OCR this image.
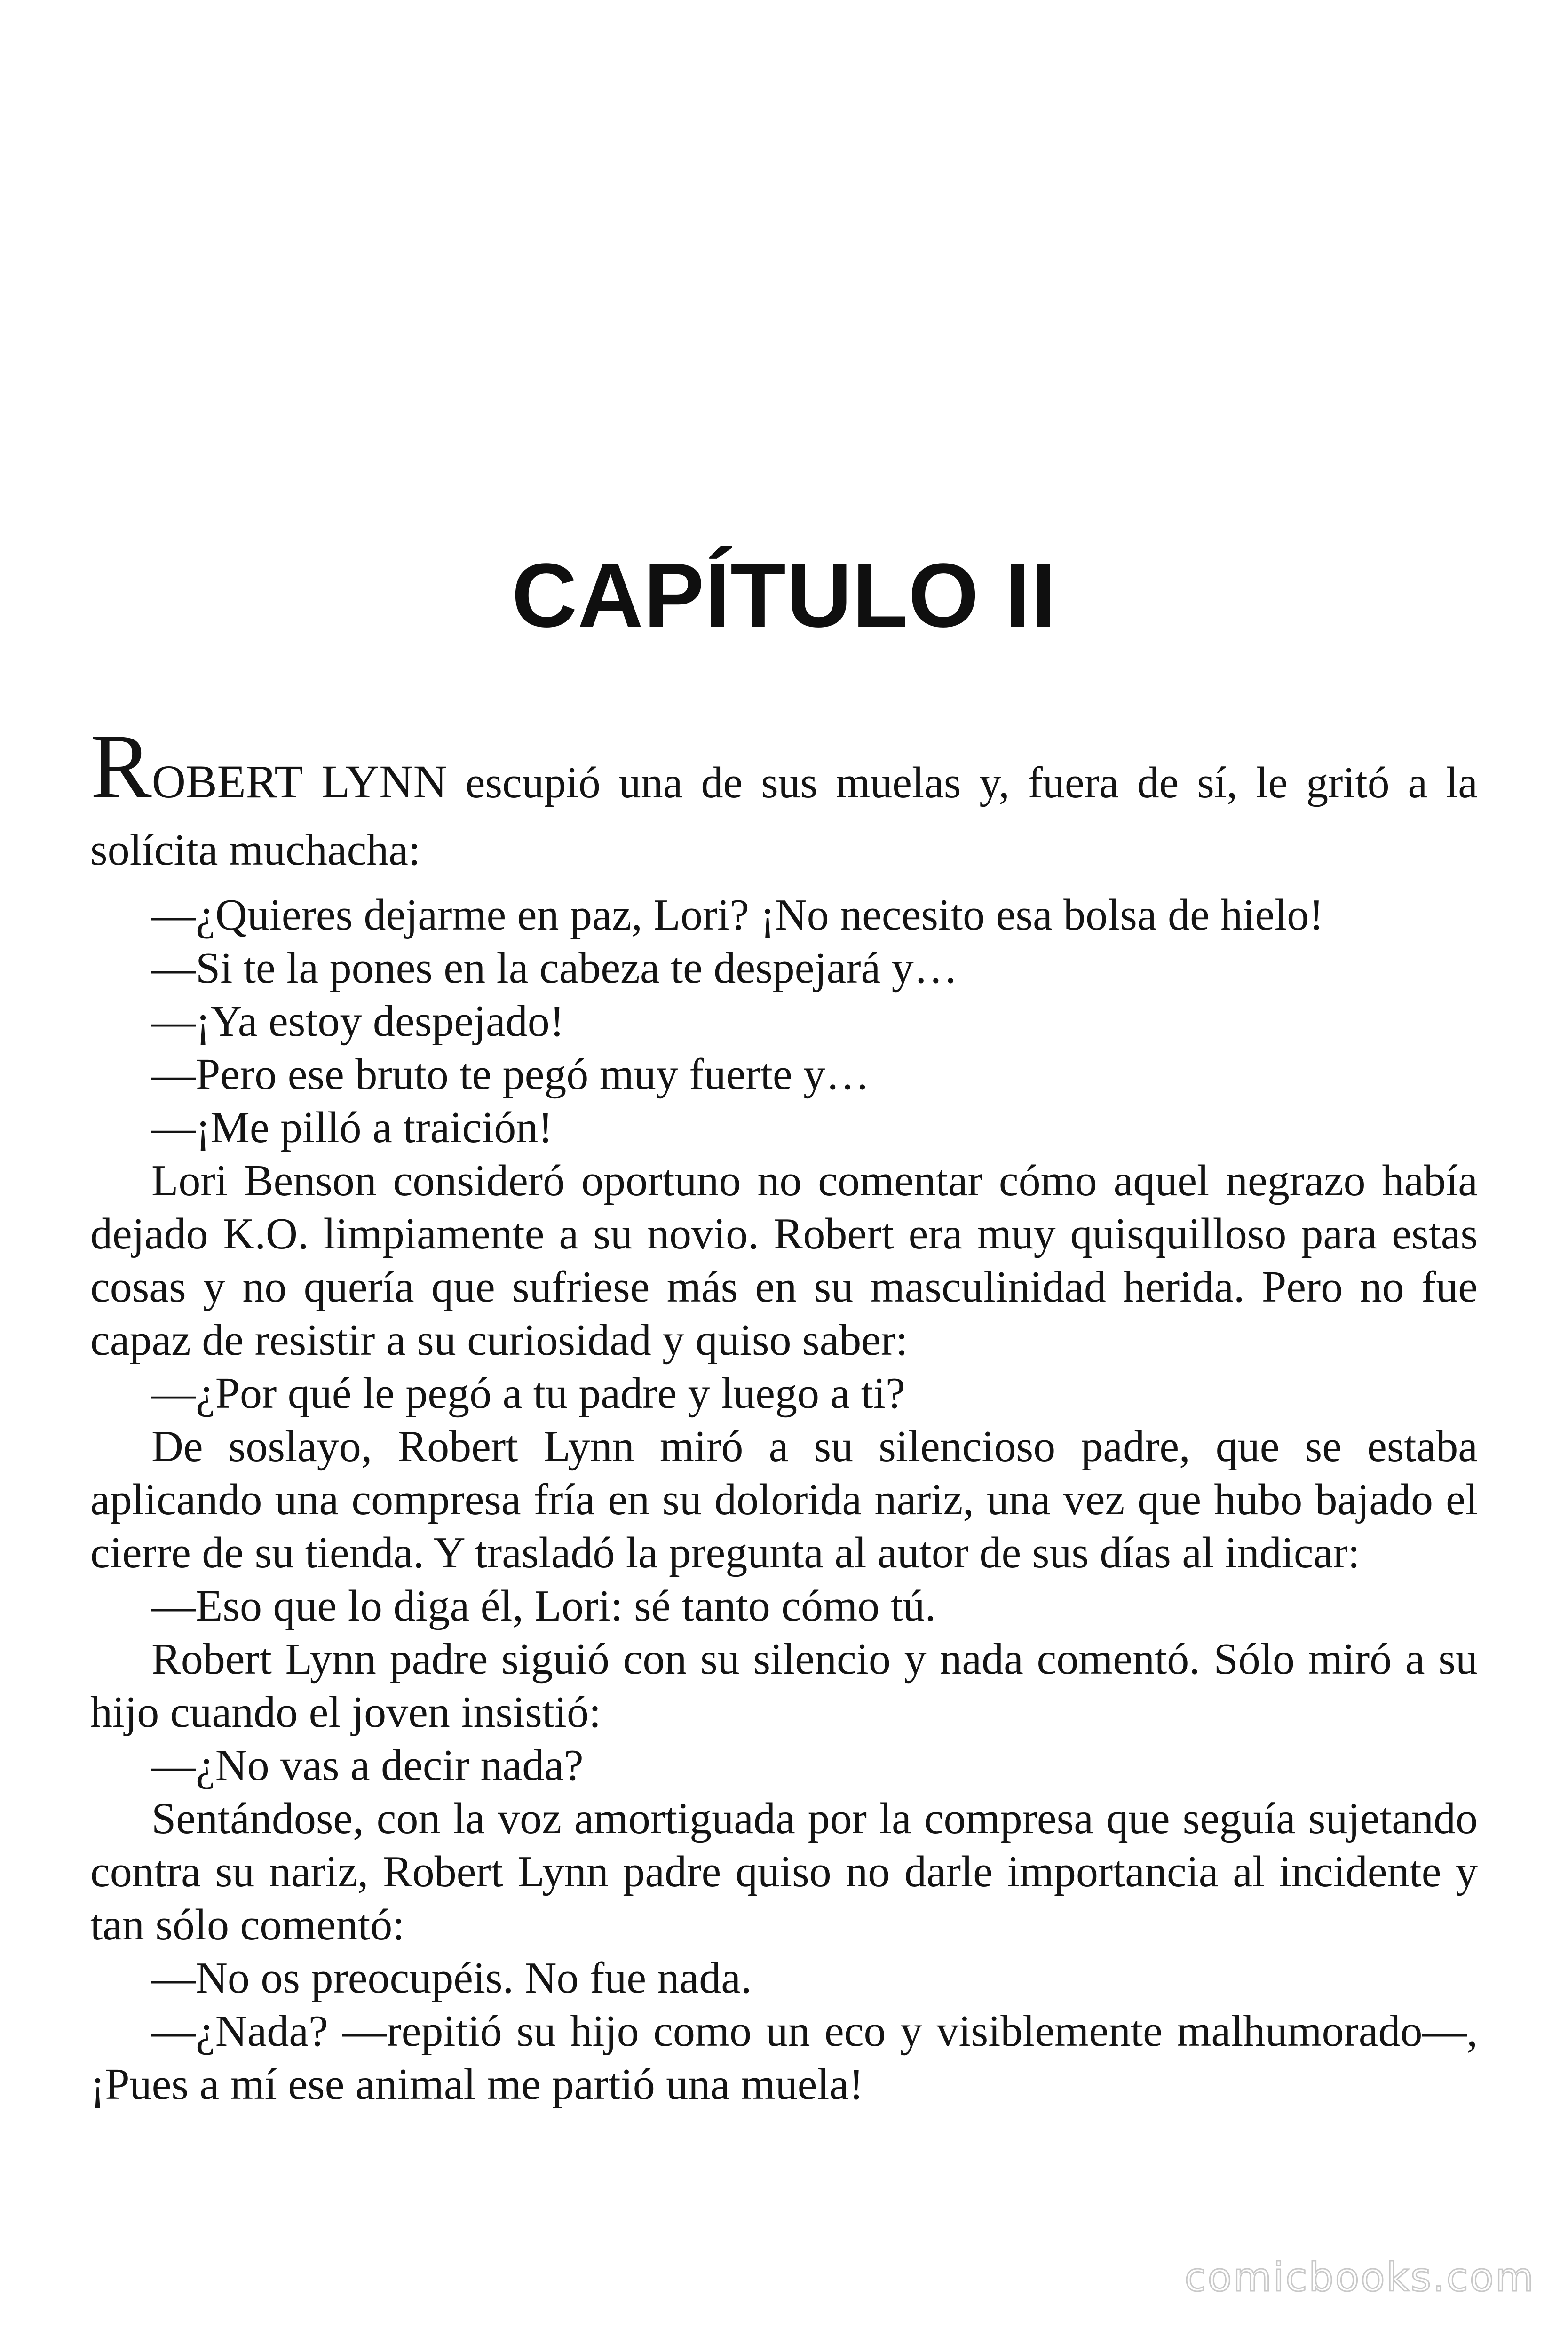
CAPÍTULO II

ROBERT LYNN escupió una de sus muelas y, fuera de sí, le gritó a la solícita muchacha:

—¿Quieres dejarme en paz, Lori? ¡No necesito esa bolsa de hielo!

—Si te la pones en la cabeza te despejará y…

—¡Ya estoy despejado!

—Pero ese bruto te pegó muy fuerte y…

—¡Me pilló a traición!

Lori Benson consideró oportuno no comentar cómo aquel negrazo había dejado K.O. limpiamente a su novio. Robert era muy quisquilloso para estas cosas y no quería que sufriese más en su masculinidad herida. Pero no fue capaz de resistir a su curiosidad y quiso saber:

—¿Por qué le pegó a tu padre y luego a ti?

De soslayo, Robert Lynn miró a su silencioso padre, que se estaba aplicando una compresa fría en su dolorida nariz, una vez que hubo bajado el cierre de su tienda. Y trasladó la pregunta al autor de sus días al indicar:

—Eso que lo diga él, Lori: sé tanto cómo tú.

Robert Lynn padre siguió con su silencio y nada comentó. Sólo miró a su hijo cuando el joven insistió:

—¿No vas a decir nada?

Sentándose, con la voz amortiguada por la compresa que seguía sujetando contra su nariz, Robert Lynn padre quiso no darle importancia al incidente y tan sólo comentó:

—No os preocupéis. No fue nada.

—¿Nada? —repitió su hijo como un eco y visiblemente malhumorado—, ¡Pues a mí ese animal me partió una muela!

comicbooks.com
